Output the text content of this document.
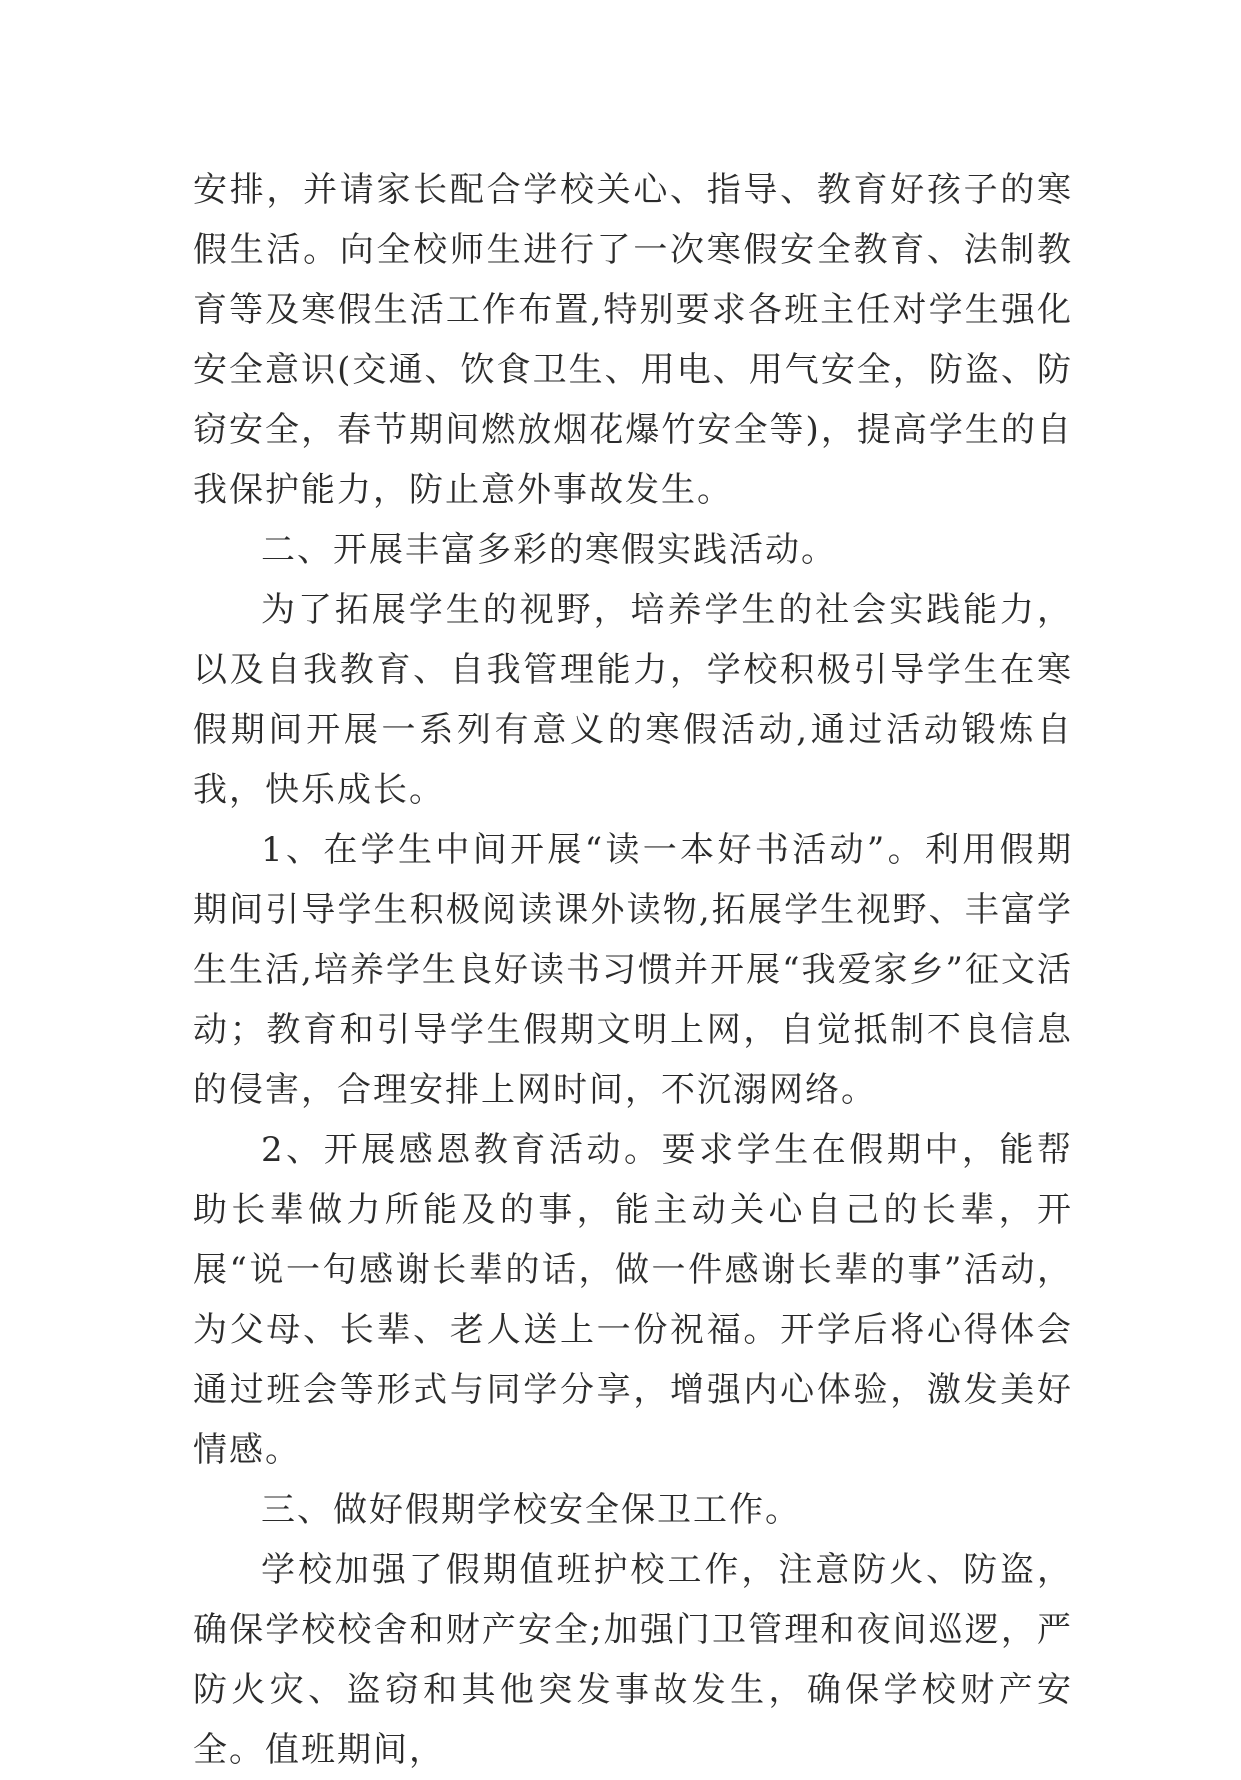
安排，并请家长配合学校关心、指导、教育好孩子的寒假生活。向全校师生进行了一次寒假安全教育、法制教育等及寒假生活工作布置,特别要求各班主任对学生强化安全意识(交通、饮食卫生、用电、用气安全，防盗、防窃安全，春节期间燃放烟花爆竹安全等)，提高学生的自我保护能力，防止意外事故发生。

二、开展丰富多彩的寒假实践活动。

为了拓展学生的视野，培养学生的社会实践能力，以及自我教育、自我管理能力，学校积极引导学生在寒假期间开展一系列有意义的寒假活动,通过活动锻炼自我，快乐成长。

1、在学生中间开展“读一本好书活动”。利用假期期间引导学生积极阅读课外读物,拓展学生视野、丰富学生生活,培养学生良好读书习惯并开展“我爱家乡”征文活动；教育和引导学生假期文明上网，自觉抵制不良信息的侵害，合理安排上网时间，不沉溺网络。

2、开展感恩教育活动。要求学生在假期中，能帮助长辈做力所能及的事，能主动关心自己的长辈，开展“说一句感谢长辈的话，做一件感谢长辈的事”活动，为父母、长辈、老人送上一份祝福。开学后将心得体会通过班会等形式与同学分享，增强内心体验，激发美好情感。

三、做好假期学校安全保卫工作。

学校加强了假期值班护校工作，注意防火、防盗，确保学校校舍和财产安全;加强门卫管理和夜间巡逻，严防火灾、盗窃和其他突发事故发生，确保学校财产安全。值班期间，
